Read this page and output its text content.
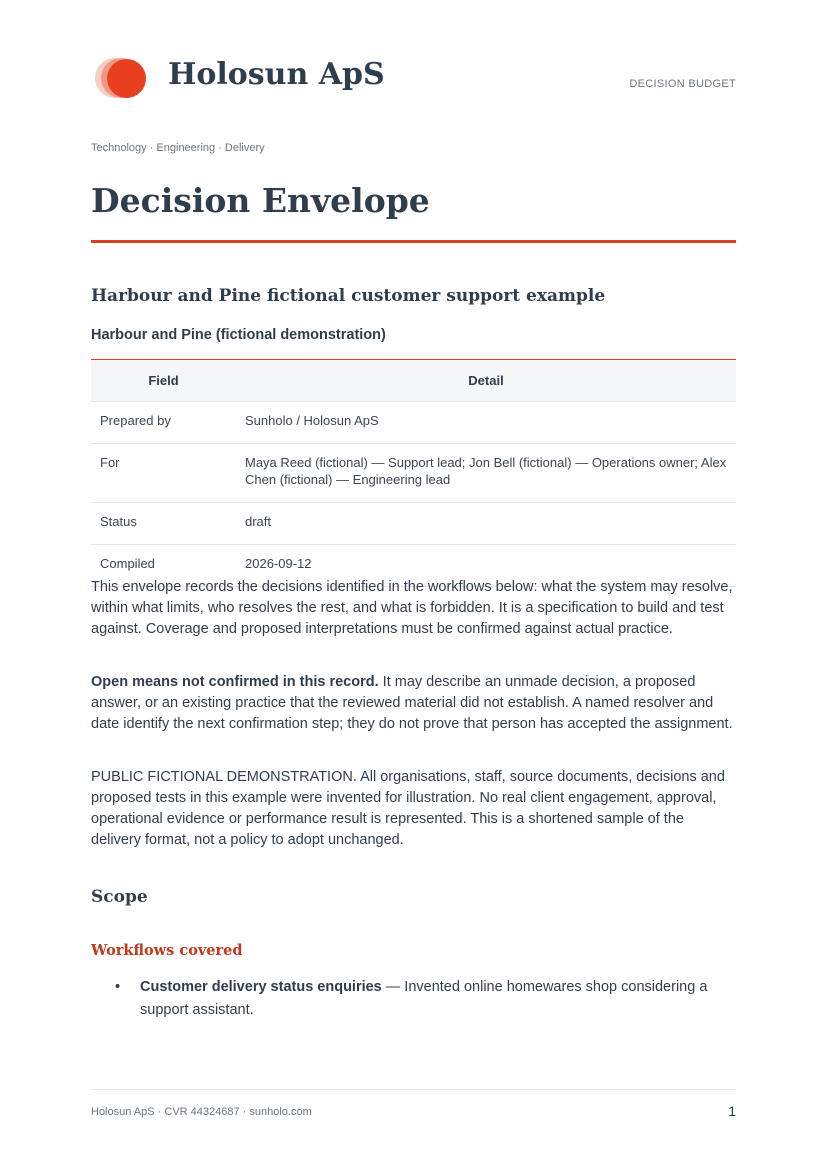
Holosun ApS	DECISION BUDGET
Technology · Engineering · Delivery
Decision Envelope
Harbour and Pine fictional customer support example
Harbour and Pine (fictional demonstration)
Field	Detail
Prepared by	Sunholo / Holosun ApS
For	Maya Reed (fictional) — Support lead; Jon Bell (fictional) — Operations owner; Alex Chen (fictional) — Engineering lead
Status	draft
Compiled	2026-09-12

This envelope records the decisions identified in the workflows below: what the system may resolve, within what limits, who resolves the rest, and what is forbidden. It is a specification to build and test against. Coverage and proposed interpretations must be confirmed against actual practice.

Open means not confirmed in this record. It may describe an unmade decision, a proposed answer, or an existing practice that the reviewed material did not establish. A named resolver and date identify the next confirmation step; they do not prove that person has accepted the assignment.

PUBLIC FICTIONAL DEMONSTRATION. All organisations, staff, source documents, decisions and proposed tests in this example were invented for illustration. No real client engagement, approval, operational evidence or performance result is represented. This is a shortened sample of the delivery format, not a policy to adopt unchanged.

Scope
Workflows covered
• Customer delivery status enquiries — Invented online homewares shop considering a support assistant.
Holosun ApS · CVR 44324687 · sunholo.com	1
